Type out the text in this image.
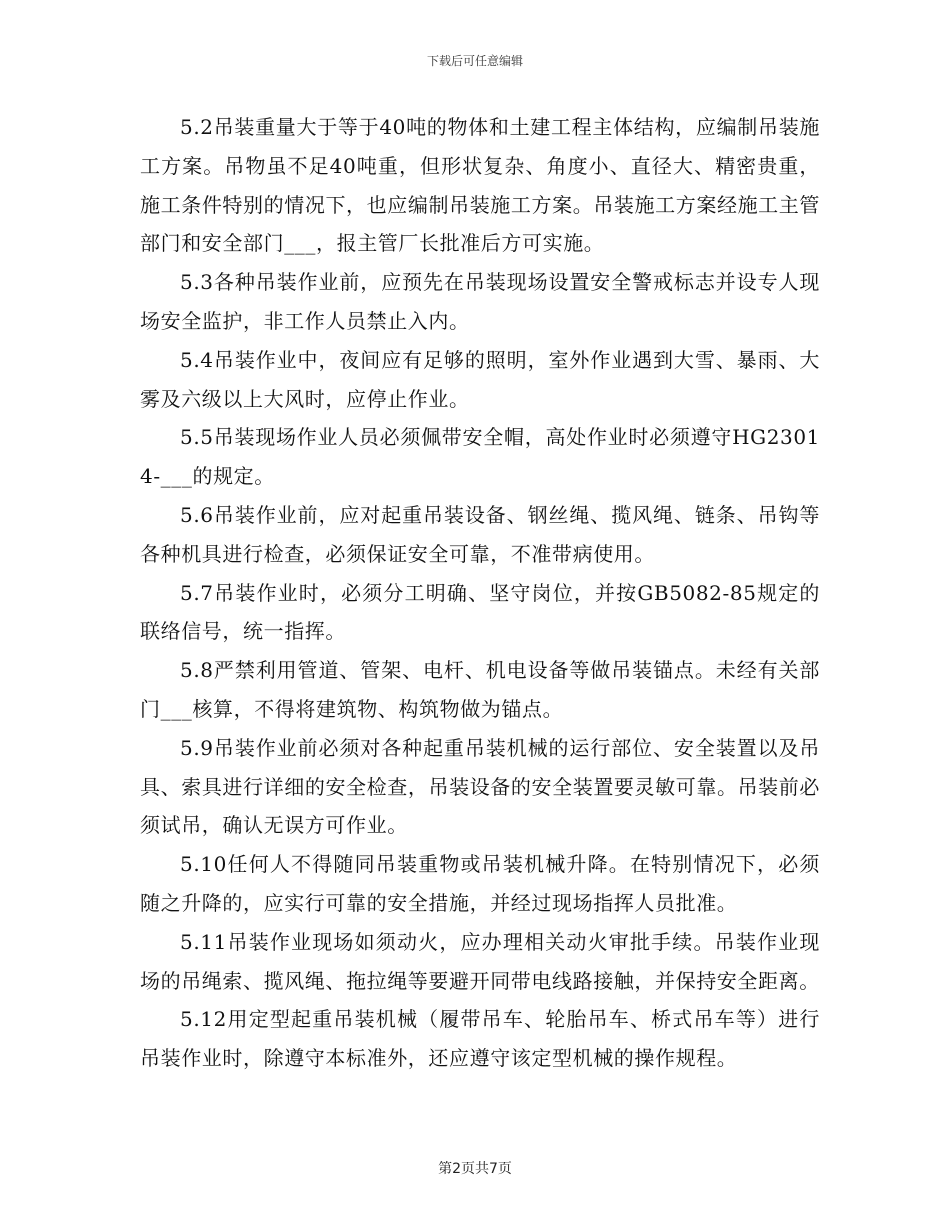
下载后可任意编辑

5.2吊装重量大于等于40吨的物体和土建工程主体结构，应编制吊装施工方案。吊物虽不足40吨重，但形状复杂、角度小、直径大、精密贵重，施工条件特别的情况下，也应编制吊装施工方案。吊装施工方案经施工主管部门和安全部门___，报主管厂长批准后方可实施。

5.3各种吊装作业前，应预先在吊装现场设置安全警戒标志并设专人现场安全监护，非工作人员禁止入内。

5.4吊装作业中，夜间应有足够的照明，室外作业遇到大雪、暴雨、大雾及六级以上大风时，应停止作业。

5.5吊装现场作业人员必须佩带安全帽，高处作业时必须遵守HG23014-___的规定。

5.6吊装作业前，应对起重吊装设备、钢丝绳、揽风绳、链条、吊钩等各种机具进行检查，必须保证安全可靠，不准带病使用。

5.7吊装作业时，必须分工明确、坚守岗位，并按GB5082-85规定的联络信号，统一指挥。

5.8严禁利用管道、管架、电杆、机电设备等做吊装锚点。未经有关部门___核算，不得将建筑物、构筑物做为锚点。

5.9吊装作业前必须对各种起重吊装机械的运行部位、安全装置以及吊具、索具进行详细的安全检查，吊装设备的安全装置要灵敏可靠。吊装前必须试吊，确认无误方可作业。

5.10任何人不得随同吊装重物或吊装机械升降。在特别情况下，必须随之升降的，应实行可靠的安全措施，并经过现场指挥人员批准。

5.11吊装作业现场如须动火，应办理相关动火审批手续。吊装作业现场的吊绳索、揽风绳、拖拉绳等要避开同带电线路接触，并保持安全距离。

5.12用定型起重吊装机械（履带吊车、轮胎吊车、桥式吊车等）进行吊装作业时，除遵守本标准外，还应遵守该定型机械的操作规程。

第2页共7页
